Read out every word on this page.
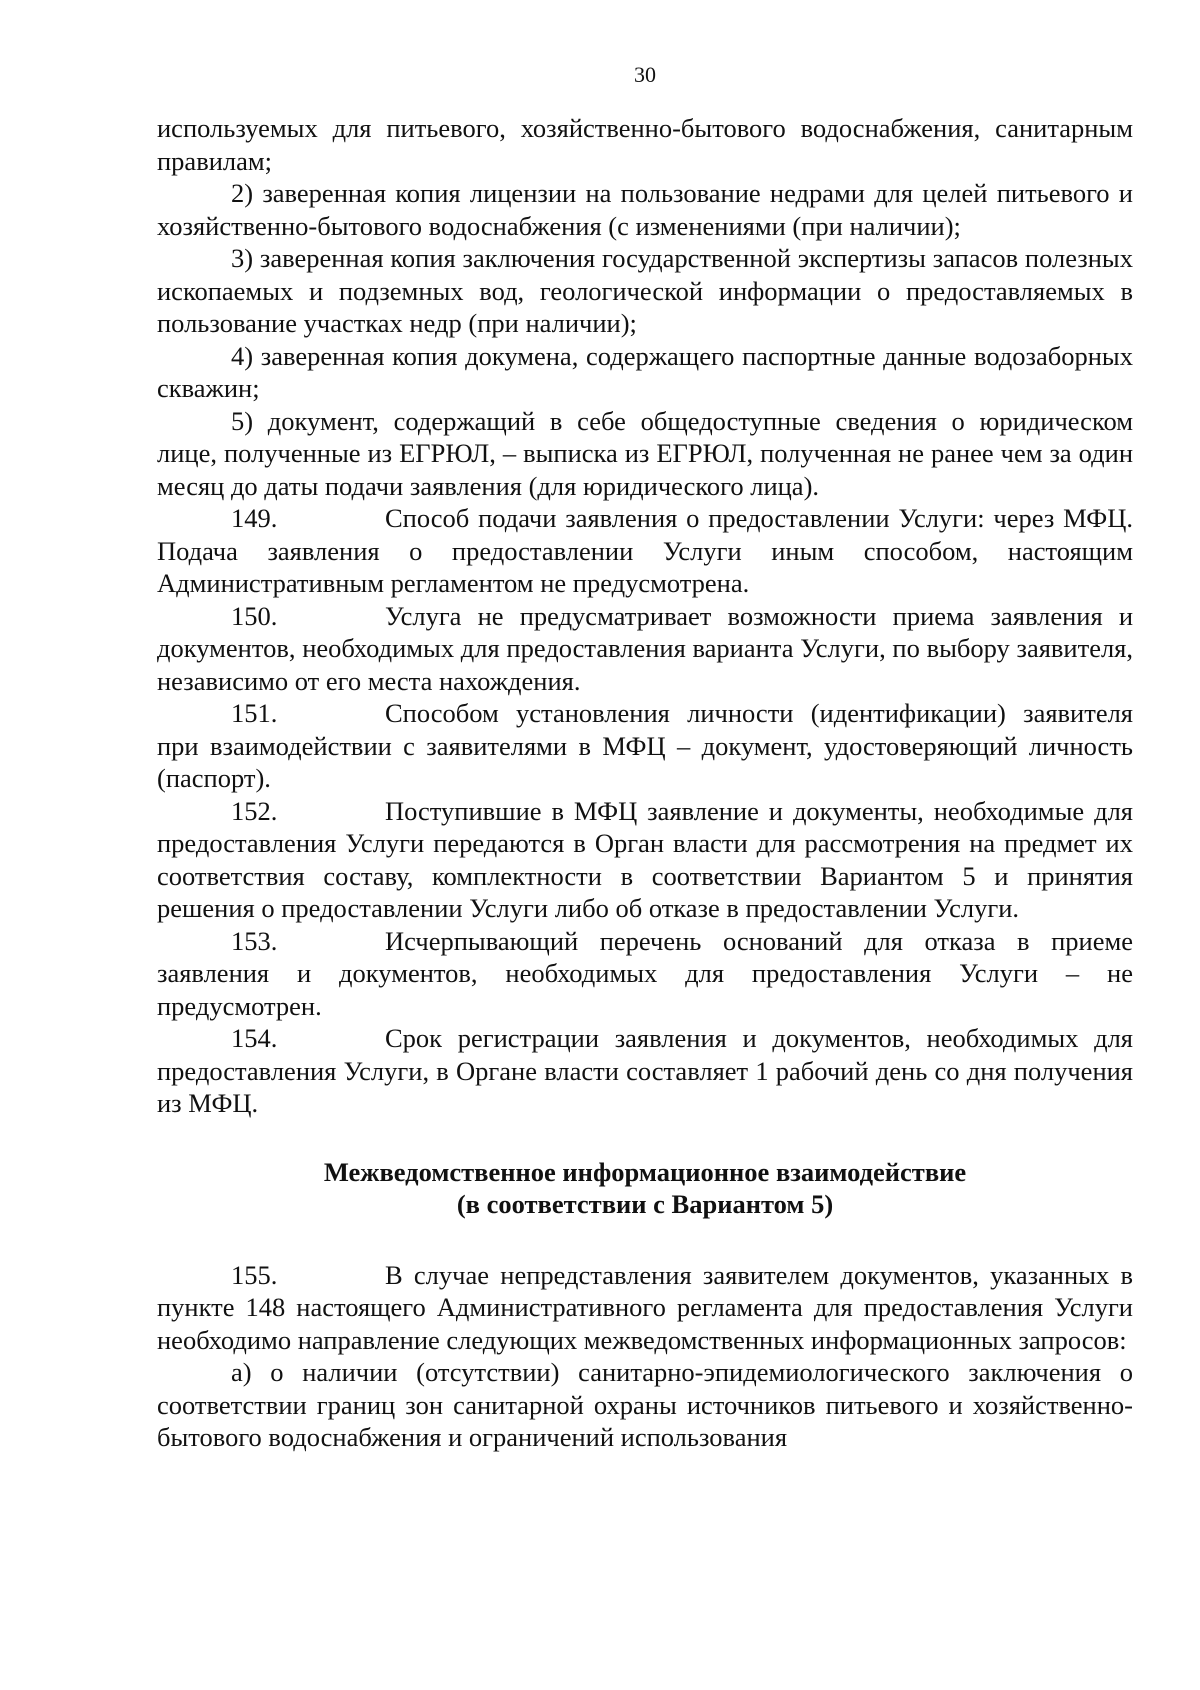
30

используемых для питьевого, хозяйственно-бытового водоснабжения, санитарным правилам;

2) заверенная копия лицензии на пользование недрами для целей питьевого и хозяйственно-бытового водоснабжения (с изменениями (при наличии);

3) заверенная копия заключения государственной экспертизы запасов полезных ископаемых и подземных вод, геологической информации о предоставляемых в пользование участках недр (при наличии);

4) заверенная копия докумена, содержащего паспортные данные водозаборных скважин;

5) документ, содержащий в себе общедоступные сведения о юридическом лице, полученные из ЕГРЮЛ, – выписка из ЕГРЮЛ, полученная не ранее чем за один месяц до даты подачи заявления (для юридического лица).

149.	Способ подачи заявления о предоставлении Услуги: через МФЦ. Подача заявления о предоставлении Услуги иным способом, настоящим Административным регламентом не предусмотрена.

150.	Услуга не предусматривает возможности приема заявления и документов, необходимых для предоставления варианта Услуги, по выбору заявителя, независимо от его места нахождения.

151.	Способом установления личности (идентификации) заявителя при взаимодействии с заявителями в МФЦ – документ, удостоверяющий личность (паспорт).

152.	Поступившие в МФЦ заявление и документы, необходимые для предоставления Услуги передаются в Орган власти для рассмотрения на предмет их соответствия составу, комплектности в соответствии Вариантом 5 и принятия решения о предоставлении Услуги либо об отказе в предоставлении Услуги.

153.	Исчерпывающий перечень оснований для отказа в приеме заявления и документов, необходимых для предоставления Услуги – не предусмотрен.

154.	Срок регистрации заявления и документов, необходимых для предоставления Услуги, в Органе власти составляет 1 рабочий день со дня получения из МФЦ.

Межведомственное информационное взаимодействие
(в соответствии с Вариантом 5)

155.	В случае непредставления заявителем документов, указанных в пункте 148 настоящего Административного регламента для предоставления Услуги необходимо направление следующих межведомственных информационных запросов:

а) о наличии (отсутствии) санитарно-эпидемиологического заключения о соответствии границ зон санитарной охраны источников питьевого и хозяйственно-бытового водоснабжения и ограничений использования
